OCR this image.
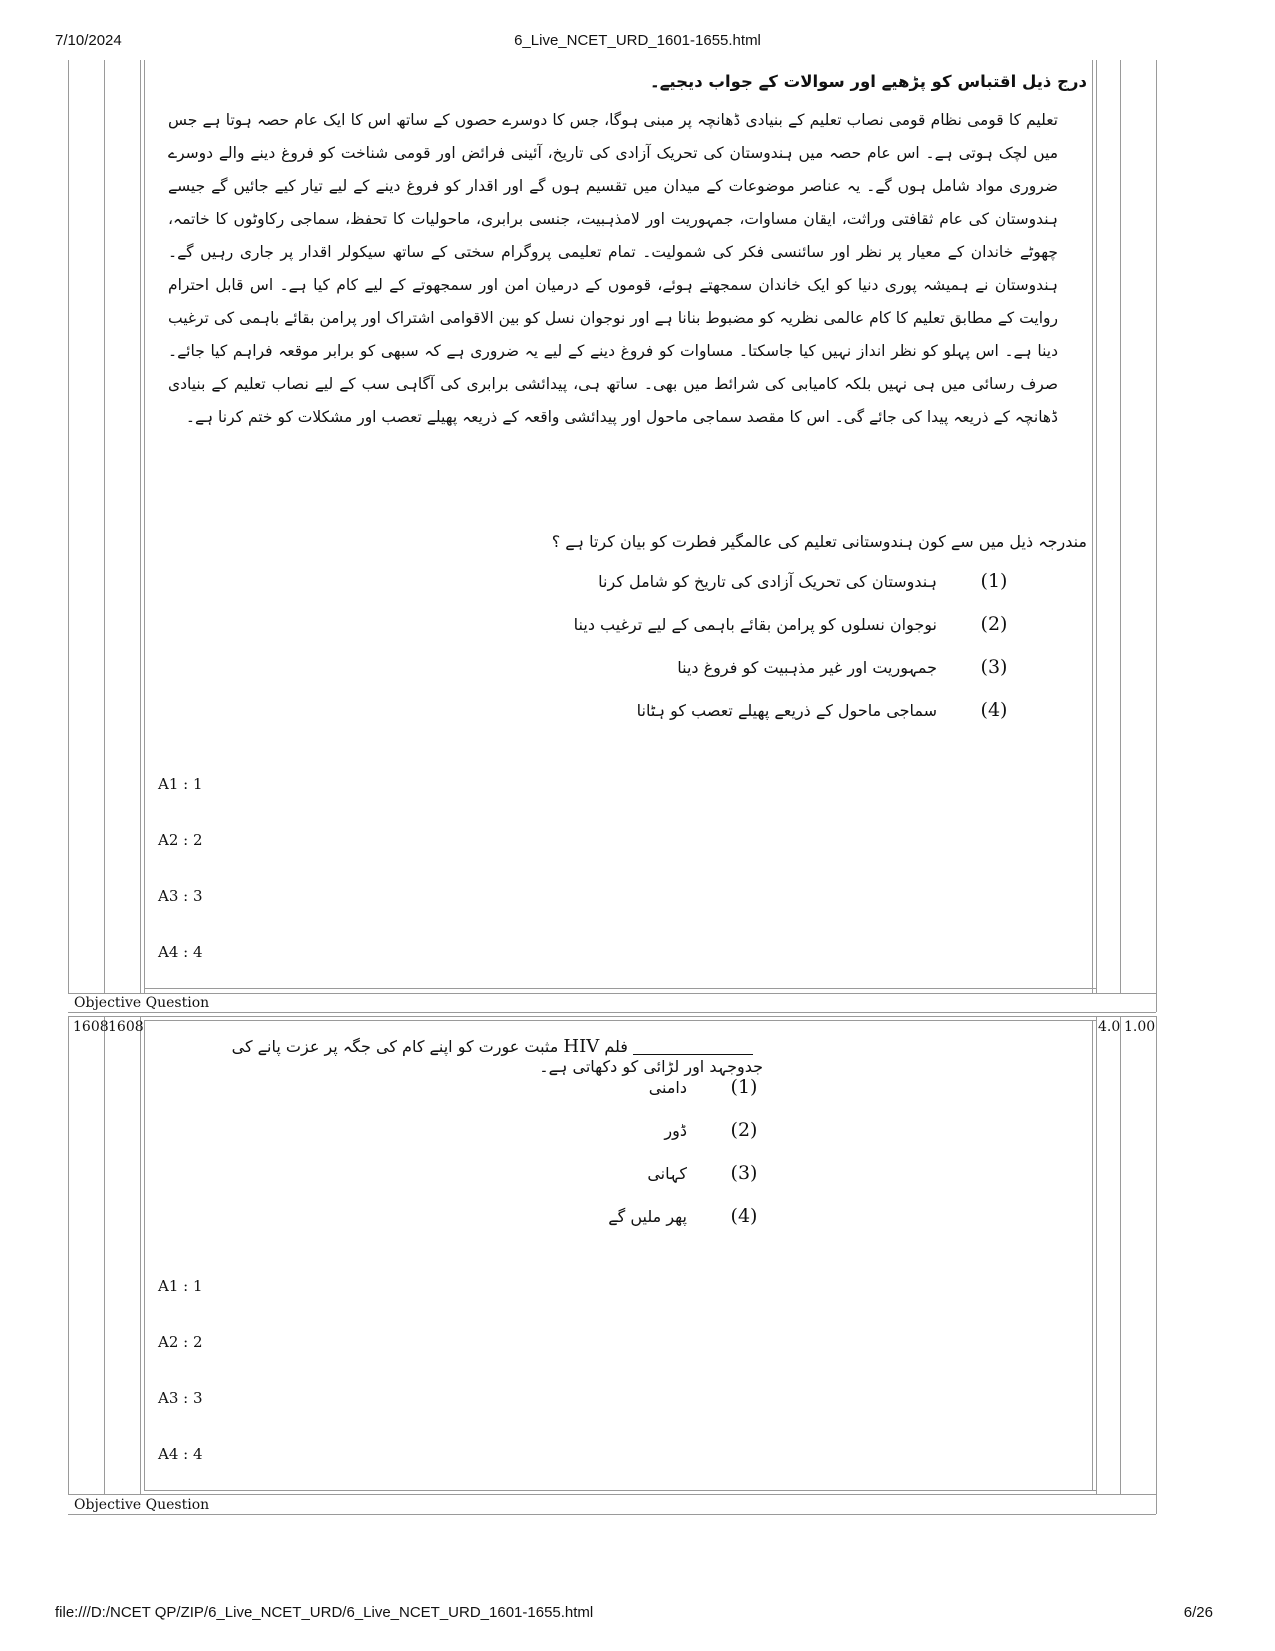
7/10/2024	6_Live_NCET_URD_1601-1655.html
Objective Question
Objective Question
درج ذیل اقتباس کو پڑھیے اور سوالات کے جواب دیجیے۔
تعلیم کا قومی نظام قومی نصاب تعلیم کے بنیادی ڈھانچہ پر مبنی ہوگا، جس کا دوسرے حصوں کے ساتھ اس کا ایک عام حصہ ہوتا ہے جس میں لچک ہوتی ہے۔ اس عام حصہ میں ہندوستان کی تحریک آزادی کی تاریخ، آئینی فرائض اور قومی شناخت کو فروغ دینے والے دوسرے ضروری مواد شامل ہوں گے۔ یہ عناصر موضوعات کے میدان میں تقسیم ہوں گے اور اقدار کو فروغ دینے کے لیے تیار کیے جائیں گے جیسے ہندوستان کی عام ثقافتی وراثت، ایقان مساوات، جمہوریت اور لامذہبیت، جنسی برابری، ماحولیات کا تحفظ، سماجی رکاوٹوں کا خاتمہ، چھوٹے خاندان کے معیار پر نظر اور سائنسی فکر کی شمولیت۔ تمام تعلیمی پروگرام سختی کے ساتھ سیکولر اقدار پر جاری رہیں گے۔ ہندوستان نے ہمیشہ پوری دنیا کو ایک خاندان سمجھتے ہوئے، قوموں کے درمیان امن اور سمجھوتے کے لیے کام کیا ہے۔ اس قابل احترام روایت کے مطابق تعلیم کا کام عالمی نظریہ کو مضبوط بنانا ہے اور نوجوان نسل کو بین الاقوامی اشتراک اور پرامن بقائے باہمی کی ترغیب دینا ہے۔ اس پہلو کو نظر انداز نہیں کیا جاسکتا۔ مساوات کو فروغ دینے کے لیے یہ ضروری ہے کہ سبھی کو برابر موقعہ فراہم کیا جائے۔ صرف رسائی میں ہی نہیں بلکہ کامیابی کی شرائط میں بھی۔ ساتھ ہی، پیدائشی برابری کی آگاہی سب کے لیے نصاب تعلیم کے بنیادی ڈھانچہ کے ذریعہ پیدا کی جائے گی۔ اس کا مقصد سماجی ماحول اور پیدائشی واقعہ کے ذریعہ پھیلے تعصب اور مشکلات کو ختم کرنا ہے۔
مندرجہ ذیل میں سے کون ہندوستانی تعلیم کی عالمگیر فطرت کو بیان کرتا ہے ؟
(1)
ہندوستان کی تحریک آزادی کی تاریخ کو شامل کرنا
(2)
نوجوان نسلوں کو پرامن بقائے باہمی کے لیے ترغیب دینا
(3)
جمہوریت اور غیر مذہبیت کو فروغ دینا
(4)
سماجی ماحول کے ذریعے پھیلے تعصب کو ہٹانا
A1 : 1
A2 : 2
A3 : 3
A4 : 4
1608 1608	4.0 1.00
فلم HIV مثبت عورت کو اپنے کام کی جگہ پر عزت پانے کی جدوجہد اور لڑائی کو دکھاتی ہے۔
(1)
دامنی
(2)
ڈور
(3)
کہانی
(4)
پھر ملیں گے
A1 : 1
A2 : 2
A3 : 3
A4 : 4
file:///D:/NCET QP/ZIP/6_Live_NCET_URD/6_Live_NCET_URD_1601-1655.html	6/26
